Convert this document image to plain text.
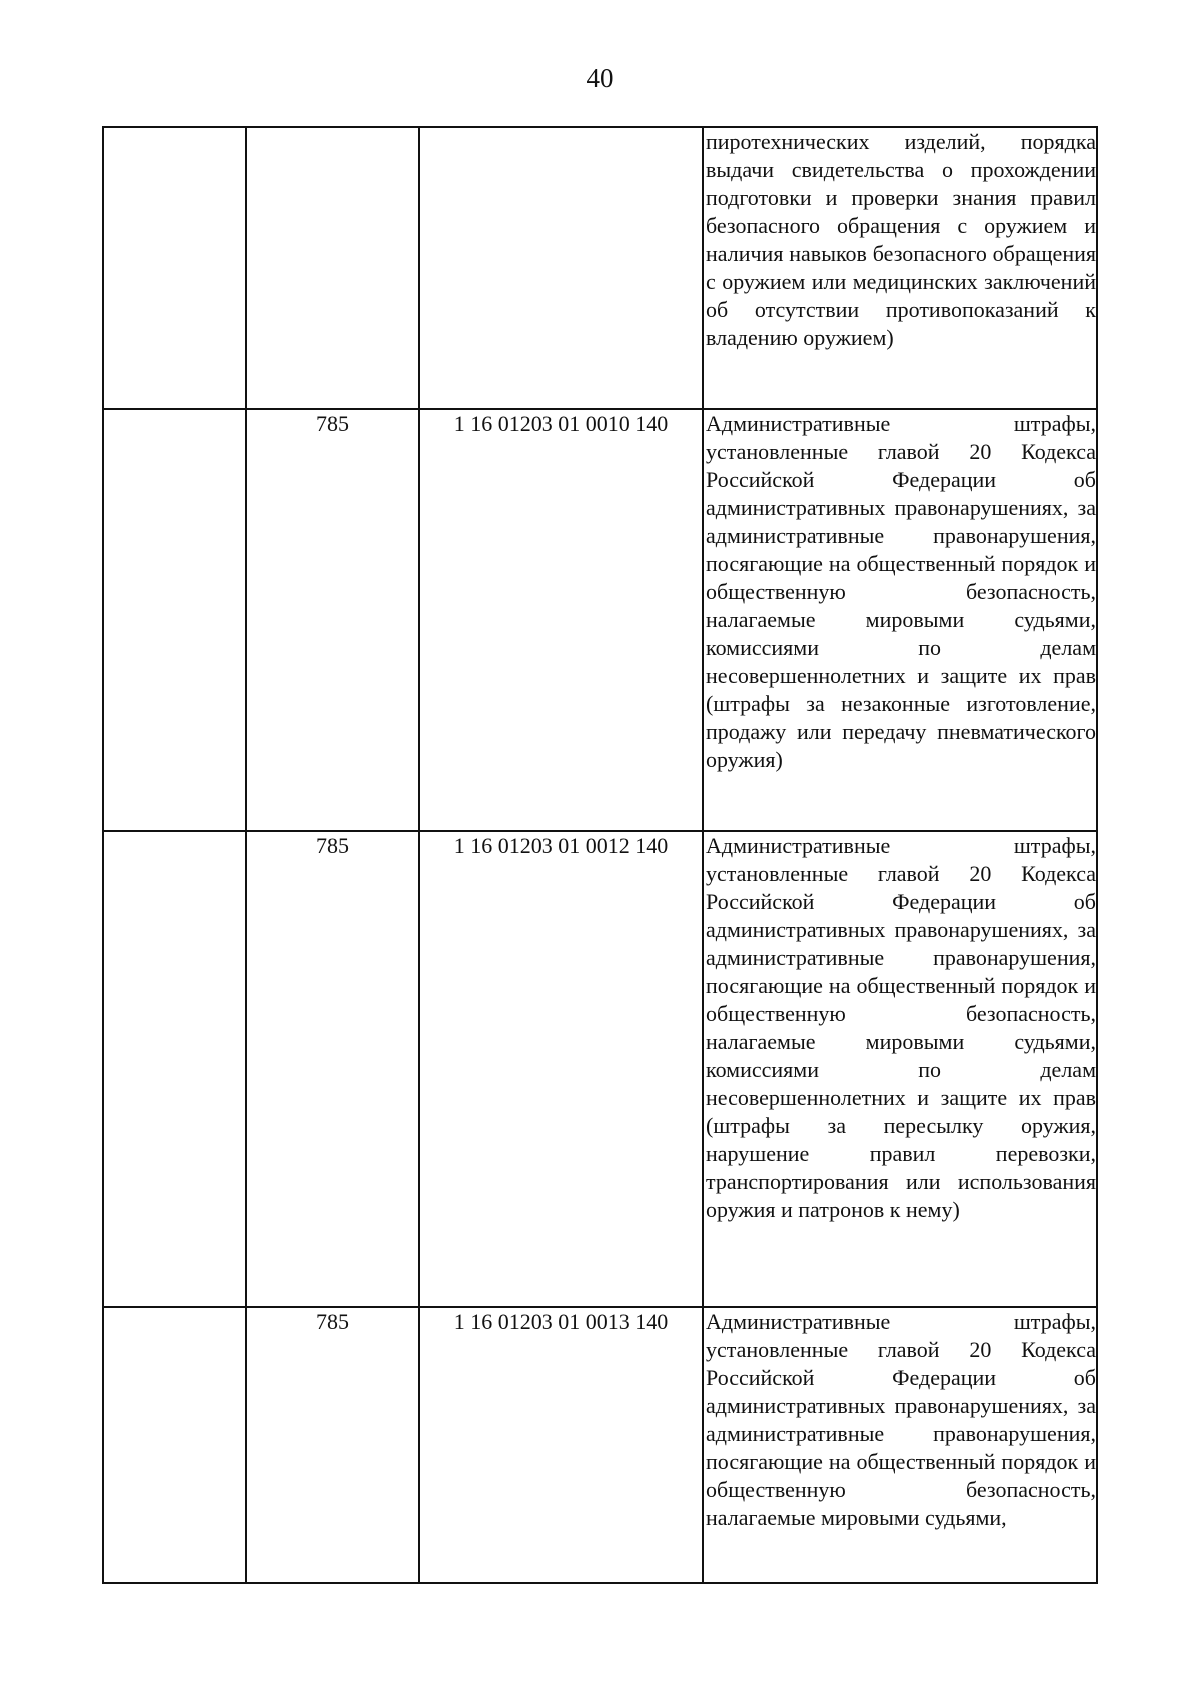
40

			пиротехнических изделий, порядка выдачи свидетельства о прохождении подготовки и проверки знания правил безопасного обращения с оружием и наличия навыков безопасного обращения с оружием или медицинских заключений об отсутствии противопоказаний к владению оружием)

	785	1 16 01203 01 0010 140	Административные штрафы, установленные главой 20 Кодекса Российской Федерации об административных правонарушениях, за административные правонарушения, посягающие на общественный порядок и общественную безопасность, налагаемые мировыми судьями, комиссиями по делам несовершеннолетних и защите их прав (штрафы за незаконные изготовление, продажу или передачу пневматического оружия)

	785	1 16 01203 01 0012 140	Административные штрафы, установленные главой 20 Кодекса Российской Федерации об административных правонарушениях, за административные правонарушения, посягающие на общественный порядок и общественную безопасность, налагаемые мировыми судьями, комиссиями по делам несовершеннолетних и защите их прав (штрафы за пересылку оружия, нарушение правил перевозки, транспортирования или использования оружия и патронов к нему)

	785	1 16 01203 01 0013 140	Административные штрафы, установленные главой 20 Кодекса Российской Федерации об административных правонарушениях, за административные правонарушения, посягающие на общественный порядок и общественную безопасность, налагаемые мировыми судьями,
